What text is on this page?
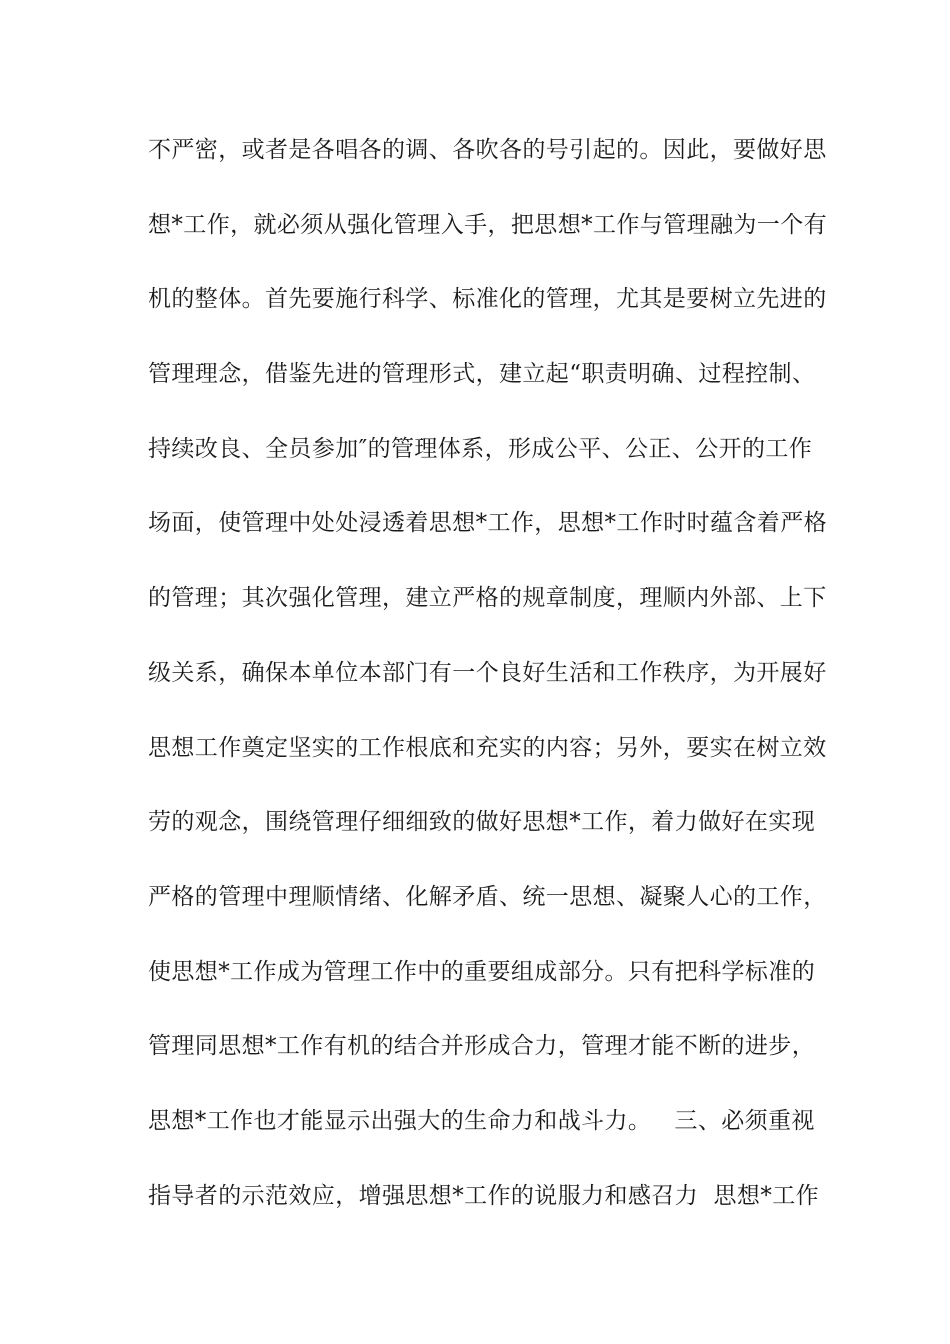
不严密，或者是各唱各的调、各吹各的号引起的。因此，要做好思
想*工作，就必须从强化管理入手，把思想*工作与管理融为一个有
机的整体。首先要施行科学、标准化的管理，尤其是要树立先进的
管理理念，借鉴先进的管理形式，建立起“职责明确、过程控制、
持续改良、全员参加″的管理体系，形成公平、公正、公开的工作
场面，使管理中处处浸透着思想*工作，思想*工作时时蕴含着严格
的管理；其次强化管理，建立严格的规章制度，理顺内外部、上下
级关系，确保本单位本部门有一个良好生活和工作秩序，为开展好
思想工作奠定坚实的工作根底和充实的内容；另外，要实在树立效
劳的观念，围绕管理仔细细致的做好思想*工作，着力做好在实现
严格的管理中理顺情绪、化解矛盾、统一思想、凝聚人心的工作，
使思想*工作成为管理工作中的重要组成部分。只有把科学标准的
管理同思想*工作有机的结合并形成合力，管理才能不断的进步，
思想*工作也才能显示出强大的生命力和战斗力。   三、必须重视
指导者的示范效应，增强思想*工作的说服力和感召力  思想*工作
